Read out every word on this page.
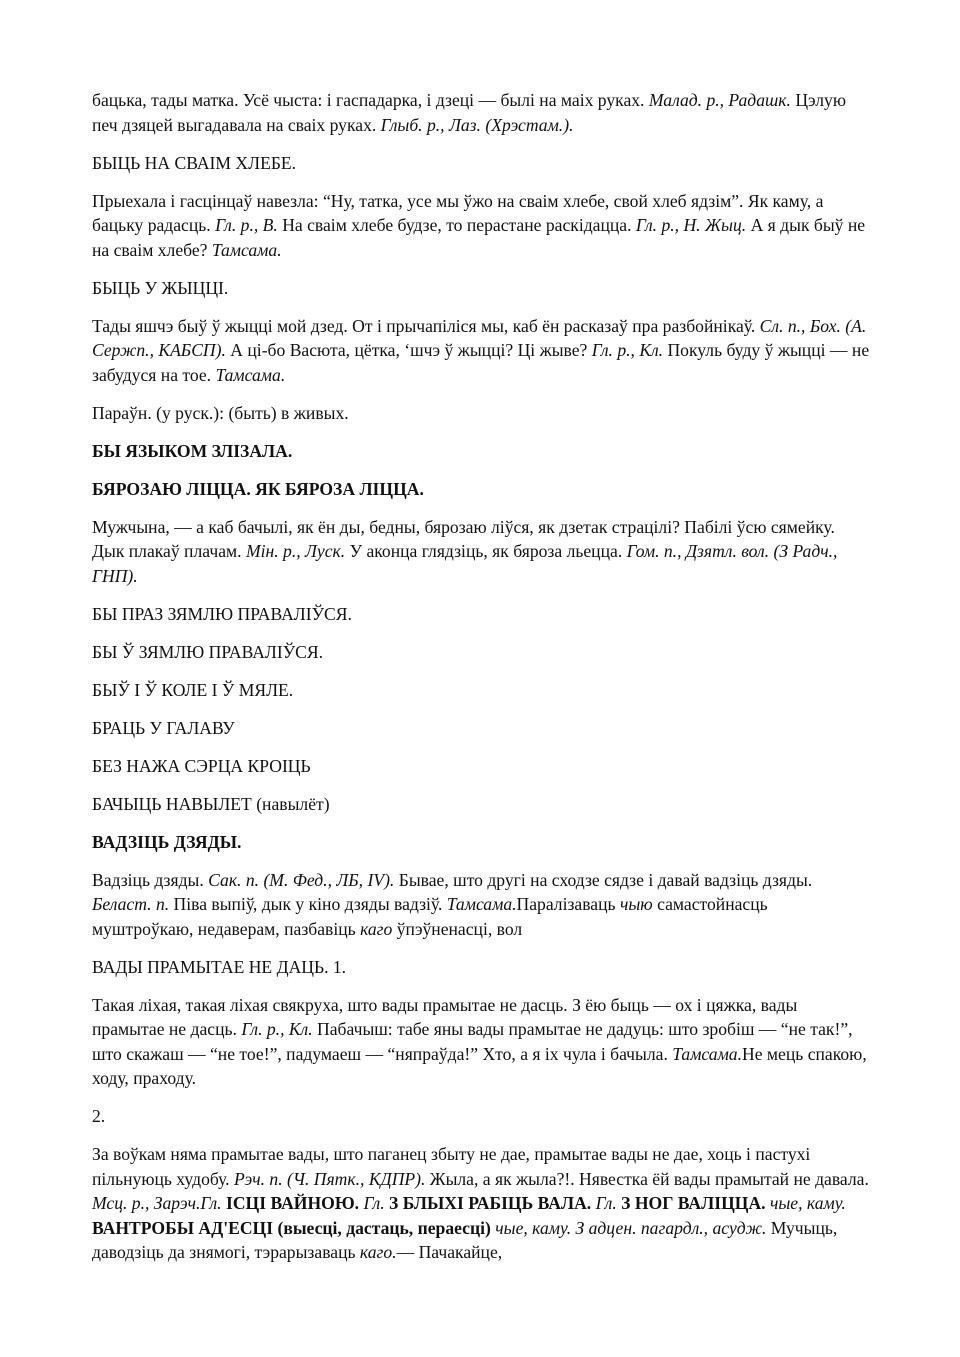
бацька, тады матка. Усё чыста: і гаспадарка, і дзеці — былі на маіх руках. Малад. р., Радашк. Цэлую печ дзяцей выгадавала на сваіх руках. Глыб. р., Лаз. (Хрэстам.).

БЫЦЬ НА СВАІМ ХЛЕБЕ.

Прыехала і гасцінцаў навезла: “Ну, татка, усе мы ўжо на сваім хлебе, свой хлеб ядзім”. Як каму, а бацьку радасць. Гл. р., В. На сваім хлебе будзе, то перастане раскідацца. Гл. р., Н. Жыц. А я дык быў не на сваім хлебе? Тамсама.

БЫЦЬ У ЖЫЦЦІ.

Тады яшчэ быў ў жыцці мой дзед. От і прычапіліся мы, каб ён расказаў пра разбойнікаў. Сл. п., Бох. (А. Сержп., КАБСП). А ці-бо Васюта, цётка, ‘шчэ ў жыцці? Ці жыве? Гл. р., Кл. Покуль буду ў жыцці — не забудуся на тое. Тамсама.

Параўн. (у руск.): (быть) в живых.

БЫ ЯЗЫКОМ ЗЛІЗАЛА.

БЯРОЗАЮ ЛІЦЦА. ЯК БЯРОЗА ЛІЦЦА.

Мужчына, — а каб бачылі, як ён ды, бедны, бярозаю ліўся, як дзетак страцілі? Пабілі ўсю сямейку. Дык плакаў плачам. Мін. р., Луск. У аконца глядзіць, як бяроза льецца. Гом. п., Дзятл. вол. (З Радч., ГНП).

БЫ ПРАЗ ЗЯМЛЮ ПРАВАЛІЎСЯ.

БЫ Ў ЗЯМЛЮ ПРАВАЛІЎСЯ.

БЫЎ І Ў КОЛЕ І Ў МЯЛЕ.

БРАЦЬ У ГАЛАВУ

БЕЗ НАЖА СЭРЦА КРОІЦЬ

БАЧЫЦЬ НАВЫЛЕТ (навылёт)

ВАДЗІЦЬ ДЗЯДЫ.

Вадзіць дзяды. Сак. п. (М. Фед., ЛБ, IV). Бывае, што другі на сходзе сядзе і давай вадзіць дзяды. Беласт. п. Піва выпіў, дык у кіно дзяды вадзіў. Тамсама.Паралізаваць чыю самастойнасць муштроўкаю, недаверам, пазбавіць каго ўпэўненасці, вол

ВАДЫ ПРАМЫТАЕ НЕ ДАЦЬ. 1.

Такая ліхая, такая ліхая свякруха, што вады прамытае не дасць. З ёю быць — ох і цяжка, вады прамытае не дасць. Гл. р., Кл. Пабачыш: табе яны вады прамытае не дадуць: што зробіш — “не так!”, што скажаш — “не тое!”, падумаеш — “няпраўда!” Хто, а я іх чула і бачыла. Тамсама.Не мець спакою, ходу, праходу.

2.

За воўкам няма прамытае вады, што паганец збыту не дае, прамытае вады не дае, хоць і пастухі пільнуюць худобу. Рэч. п. (Ч. Пятк., КДПР). Жыла, а як жыла?!. Нявестка ёй вады прамытай не давала. Мсц. р., Зарэч.Гл. ІСЦІ ВАЙНОЮ. Гл. З БЛЫХІ РАБІЦЬ ВАЛА. Гл. З НОГ ВАЛІЦЦА. чые, каму. ВАНТРОБЫ АД'ЕСЦІ (выесці, дастаць, пераесці) чые, каму. З адцен. пагардл., асудж. Мучыць, даводзіць да знямогі, тэрарызаваць каго.— Пачакайце,
